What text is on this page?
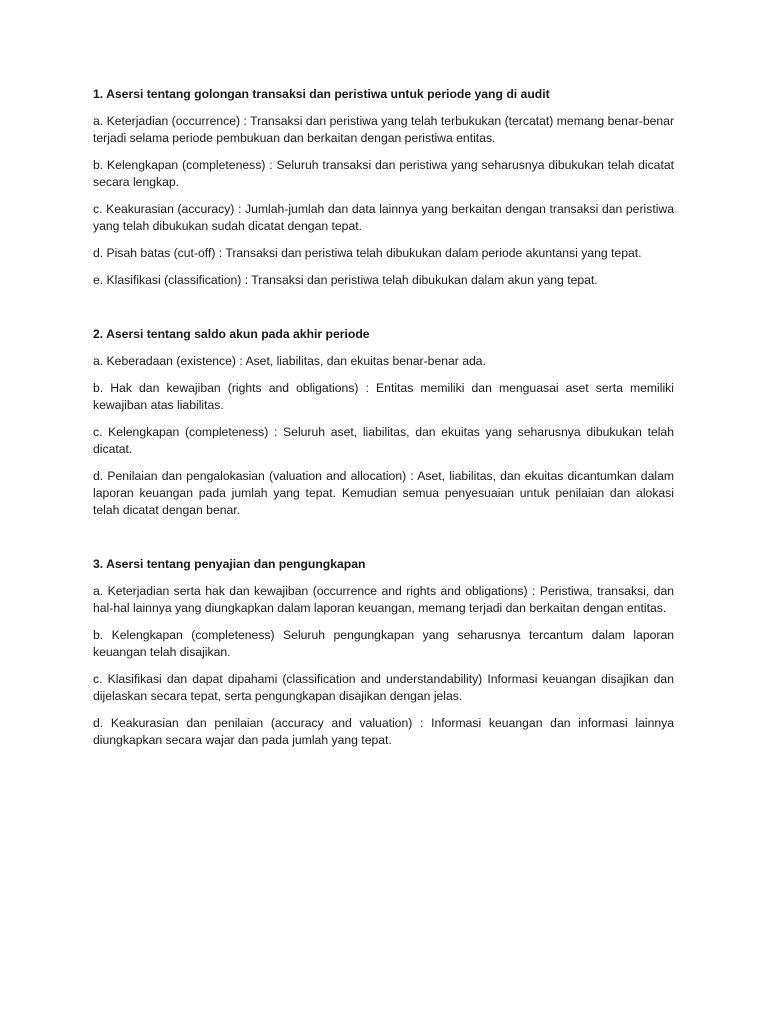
1. Asersi tentang golongan transaksi dan peristiwa untuk periode yang di audit

a. Keterjadian (occurrence) : Transaksi dan peristiwa yang telah terbukukan (tercatat) memang benar-benar terjadi selama periode pembukuan dan berkaitan dengan peristiwa entitas.

b. Kelengkapan (completeness) : Seluruh transaksi dan peristiwa yang seharusnya dibukukan telah dicatat secara lengkap.

c. Keakurasian (accuracy) : Jumlah-jumlah dan data lainnya yang berkaitan dengan transaksi dan peristiwa yang telah dibukukan sudah dicatat dengan tepat.

d. Pisah batas (cut-off) : Transaksi dan peristiwa telah dibukukan dalam periode akuntansi yang tepat.

e. Klasifikasi (classification) : Transaksi dan peristiwa telah dibukukan dalam akun yang tepat.

2. Asersi tentang saldo akun pada akhir periode

a. Keberadaan (existence) : Aset, liabilitas, dan ekuitas benar-benar ada.

b. Hak dan kewajiban (rights and obligations) : Entitas memiliki dan menguasai aset serta memiliki kewajiban atas liabilitas.

c. Kelengkapan (completeness) : Seluruh aset, liabilitas, dan ekuitas yang seharusnya dibukukan telah dicatat.

d. Penilaian dan pengalokasian (valuation and allocation) : Aset, liabilitas, dan ekuitas dicantumkan dalam laporan keuangan pada jumlah yang tepat. Kemudian semua penyesuaian untuk penilaian dan alokasi telah dicatat dengan benar.

3. Asersi tentang penyajian dan pengungkapan

a. Keterjadian serta hak dan kewajiban (occurrence and rights and obligations) : Peristiwa, transaksi, dan hal-hal lainnya yang diungkapkan dalam laporan keuangan, memang terjadi dan berkaitan dengan entitas.

b. Kelengkapan (completeness) Seluruh pengungkapan yang seharusnya tercantum dalam laporan keuangan telah disajikan.

c. Klasifikasi dan dapat dipahami (classification and understandability) Informasi keuangan disajikan dan dijelaskan secara tepat, serta pengungkapan disajikan dengan jelas.

d. Keakurasian dan penilaian (accuracy and valuation) : Informasi keuangan dan informasi lainnya diungkapkan secara wajar dan pada jumlah yang tepat.
